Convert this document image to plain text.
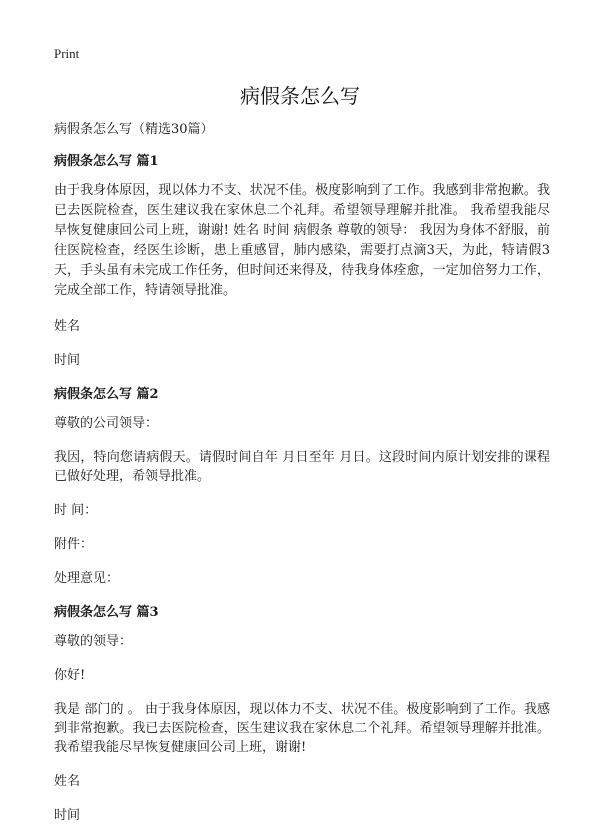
Print
病假条怎么写

病假条怎么写（精选30篇）

病假条怎么写 篇1

由于我身体原因，现以体力不支、状况不佳。极度影响到了工作。我感到非常抱歉。我已去医院检查，医生建议我在家休息二个礼拜。希望领导理解并批准。 我希望我能尽早恢复健康回公司上班，谢谢! 姓名 时间 病假条 尊敬的领导： 我因为身体不舒服，前往医院检查，经医生诊断，患上重感冒，肺内感染，需要打点滴3天，为此，特请假3天，手头虽有未完成工作任务，但时间还来得及，待我身体痊愈，一定加倍努力工作，完成全部工作，特请领导批准。

姓名

时间

病假条怎么写 篇2

尊敬的公司领导：

我因，特向您请病假天。请假时间自年 月日至年 月日。这段时间内原计划安排的课程已做好处理，希领导批准。

时 间：

附件：

处理意见：

病假条怎么写 篇3

尊敬的领导：

你好!

我是 部门的 。 由于我身体原因，现以体力不支、状况不佳。极度影响到了工作。我感到非常抱歉。我已去医院检查，医生建议我在家休息二个礼拜。希望领导理解并批准。 我希望我能尽早恢复健康回公司上班，谢谢!

姓名

时间
